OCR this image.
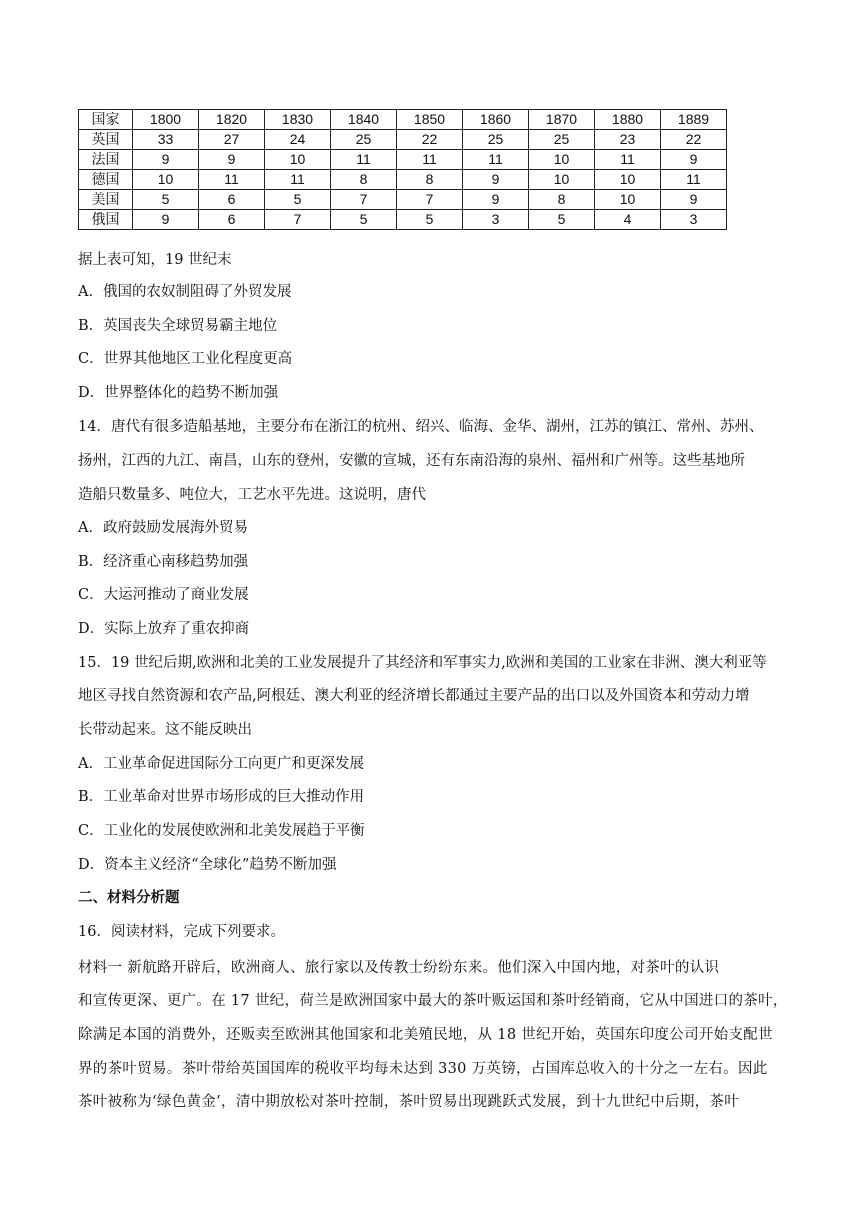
国家	1800	1820	1830	1840	1850	1860	1870	1880	1889
英国	33	27	24	25	22	25	25	23	22
法国	9	9	10	11	11	11	10	11	9
德国	10	11	11	8	8	9	10	10	11
美国	5	6	5	7	7	9	8	10	9
俄国	9	6	7	5	5	3	5	4	3
据上表可知，19 世纪末
A．俄国的农奴制阻碍了外贸发展
B．英国丧失全球贸易霸主地位
C．世界其他地区工业化程度更高
D．世界整体化的趋势不断加强
14．唐代有很多造船基地，主要分布在浙江的杭州、绍兴、临海、金华、湖州，江苏的镇江、常州、苏州、
扬州，江西的九江、南昌，山东的登州，安徽的宣城，还有东南沿海的泉州、福州和广州等。这些基地所
造船只数量多、吨位大，工艺水平先进。这说明，唐代
A．政府鼓励发展海外贸易
B．经济重心南移趋势加强
C．大运河推动了商业发展
D．实际上放弃了重农抑商
15．19 世纪后期,欧洲和北美的工业发展提升了其经济和军事实力,欧洲和美国的工业家在非洲、澳大利亚等
地区寻找自然资源和农产品,阿根廷、澳大利亚的经济增长都通过主要产品的出口以及外国资本和劳动力增
长带动起来。这不能反映出
A．工业革命促进国际分工向更广和更深发展
B．工业革命对世界市场形成的巨大推动作用
C．工业化的发展使欧洲和北美发展趋于平衡
D．资本主义经济“全球化”趋势不断加强
二、材料分析题
16．阅读材料，完成下列要求。
材料一 新航路开辟后，欧洲商人、旅行家以及传教士纷纷东来。他们深入中国内地，对茶叶的认识
和宣传更深、更广。在 17 世纪，荷兰是欧洲国家中最大的茶叶贩运国和茶叶经销商，它从中国进口的茶叶，
除满足本国的消费外，还贩卖至欧洲其他国家和北美殖民地，从 18 世纪开始，英国东印度公司开始支配世
界的茶叶贸易。茶叶带给英国国库的税收平均每未达到 330 万英镑，占国库总收入的十分之一左右。因此
茶叶被称为‘绿色黄金’，清中期放松对茶叶控制，茶叶贸易出现跳跃式发展，到十九世纪中后期，茶叶
